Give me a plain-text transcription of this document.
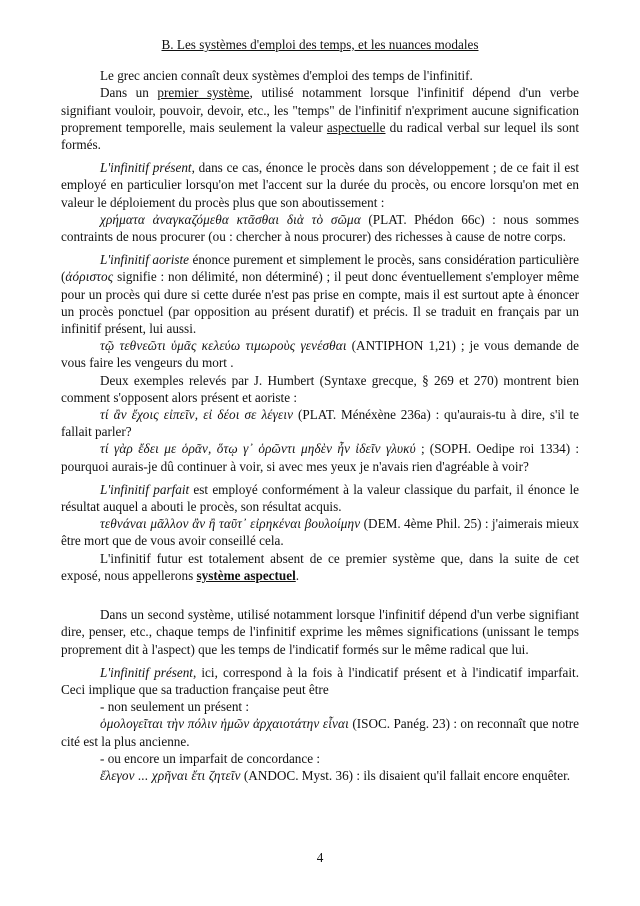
B. Les systèmes d'emploi des temps, et les nuances modales

Le grec ancien connaît deux systèmes d'emploi des temps de l'infinitif.

Dans un premier système, utilisé notamment lorsque l'infinitif dépend d'un verbe signifiant vouloir, pouvoir, devoir, etc., les "temps" de l'infinitif n'expriment aucune signification proprement temporelle, mais seulement la valeur aspectuelle du radical verbal sur lequel ils sont formés.

L'infinitif présent, dans ce cas, énonce le procès dans son développement ; de ce fait il est employé en particulier lorsqu'on met l'accent sur la durée du procès, ou encore lorsqu'on met en valeur le déploiement du procès plus que son aboutissement :

χρήματα ἀναγκαζόμεθα κτᾶσθαι διὰ τὸ σῶμα (PLAT. Phédon 66c) : nous sommes contraints de nous procurer (ou : chercher à nous procurer) des richesses à cause de notre corps.

L'infinitif aoriste énonce purement et simplement le procès, sans considération particulière (ἀόριστος signifie : non délimité, non déterminé) ; il peut donc éventuellement s'employer même pour un procès qui dure si cette durée n'est pas prise en compte, mais il est surtout apte à énoncer un procès ponctuel (par opposition au présent duratif) et précis. Il se traduit en français par un infinitif présent, lui aussi.

τῷ τεθνεῶτι ὑμᾶς κελεύω τιμωροὺς γενέσθαι (ANTIPHON 1,21) ; je vous demande de vous faire les vengeurs du mort .

Deux exemples relevés par J. Humbert (Syntaxe grecque, § 269 et 270) montrent bien comment s'opposent alors présent et aoriste :

τί ἂν ἔχοις εἰπεῖν, εἰ δέοι σε λέγειν (PLAT. Ménéxène 236a) : qu'aurais-tu à dire, s'il te fallait parler?

τί γὰρ ἔδει με ὁρᾶν, ὅτῳ γ᾽ ὁρῶντι μηδὲν ἦν ἰδεῖν γλυκύ ; (SOPH. Oedipe roi 1334) : pourquoi aurais-je dû continuer à voir, si avec mes yeux je n'avais rien d'agréable à voir?

L'infinitif parfait est employé conformément à la valeur classique du parfait, il énonce le résultat auquel a abouti le procès, son résultat acquis.

τεθνάναι μᾶλλον ἂν ἢ ταῦτ᾽ εἰρηκέναι βουλοίμην (DEM. 4ème Phil. 25) : j'aimerais mieux être mort que de vous avoir conseillé cela.

L'infinitif futur est totalement absent de ce premier système que, dans la suite de cet exposé, nous appellerons système aspectuel.

Dans un second système, utilisé notamment lorsque l'infinitif dépend d'un verbe signifiant dire, penser, etc., chaque temps de l'infinitif exprime les mêmes significations (unissant le temps proprement dit à l'aspect) que les temps de l'indicatif formés sur le même radical que lui.

L'infinitif présent, ici, correspond à la fois à l'indicatif présent et à l'indicatif imparfait. Ceci implique que sa traduction française peut être

- non seulement un présent :

ὁμολογεῖται τὴν πόλιν ἡμῶν ἀρχαιοτάτην εἶναι (ISOC. Panég. 23) : on reconnaît que notre cité est la plus ancienne.

- ou encore un imparfait de concordance :

ἔλεγον ... χρῆναι ἔτι ζητεῖν (ANDOC. Myst. 36) : ils disaient qu'il fallait encore enquêter.

4
